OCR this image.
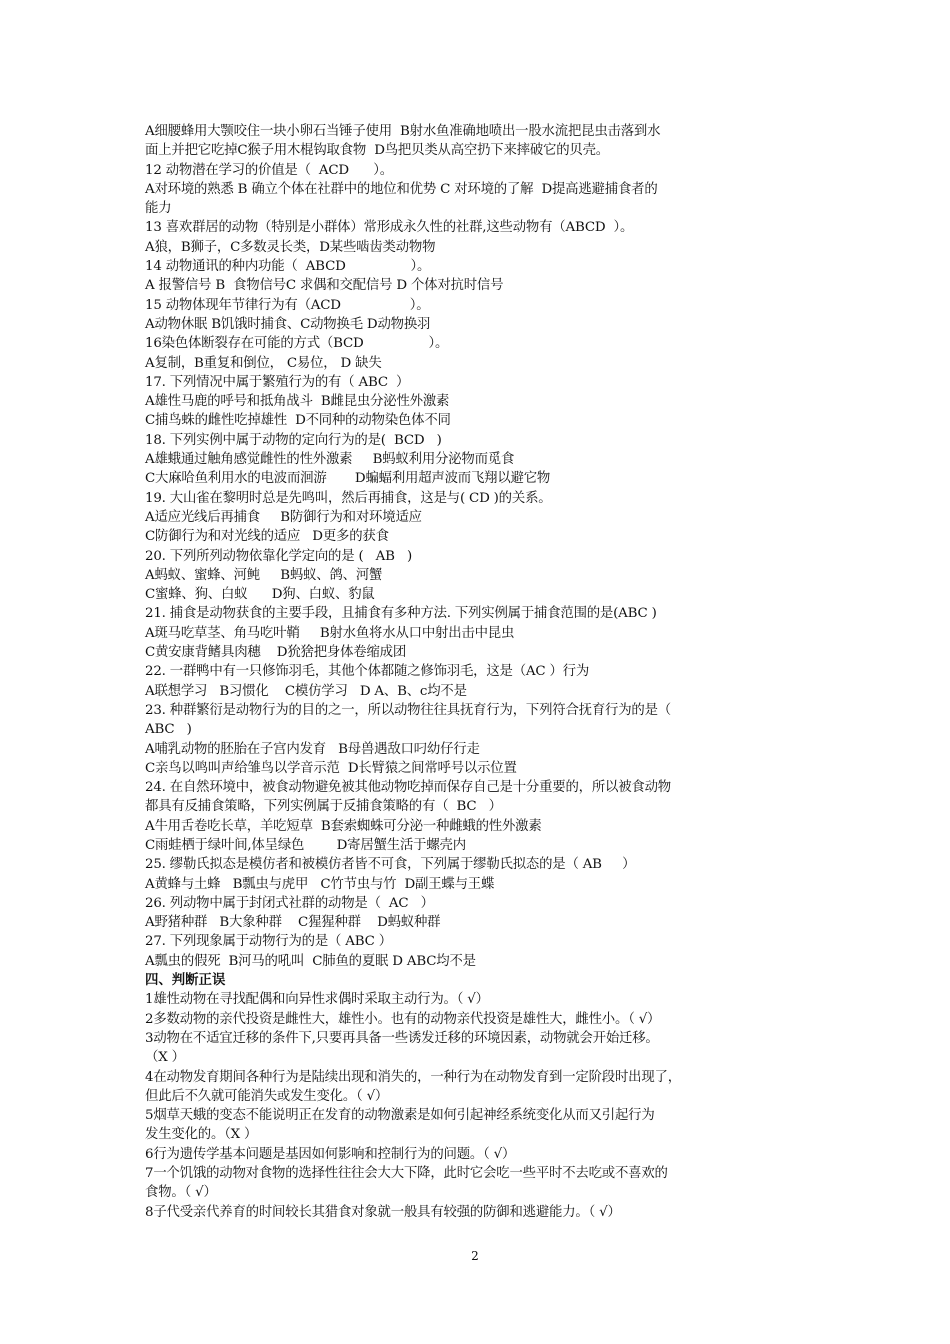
A细腰蜂用大颚咬住一块小卵石当锤子使用  B射水鱼准确地喷出一股水流把昆虫击落到水
面上并把它吃掉C猴子用木棍钩取食物  D鸟把贝类从高空扔下来摔破它的贝壳。
12 动物潜在学习的价值是（  ACD      ）。
A对环境的熟悉 B 确立个体在社群中的地位和优势 C 对环境的了解  D提高逃避捕食者的
能力
13 喜欢群居的动物（特别是小群体）常形成永久性的社群,这些动物有（ABCD  ）。
A狼，B狮子，C多数灵长类，D某些啮齿类动物物
14 动物通讯的种内功能（  ABCD                ）。
A 报警信号 B  食物信号C 求偶和交配信号 D 个体对抗时信号
15 动物体现年节律行为有（ACD                 ）。
A动物休眠 B饥饿时捕食、C动物换毛 D动物换羽
16染色体断裂存在可能的方式（BCD                ）。
A复制，B重复和倒位， C易位， D 缺失
17. 下列情况中属于繁殖行为的有（ ABC  ）
A雄性马鹿的呼号和抵角战斗  B雌昆虫分泌性外激素
C捕鸟蛛的雌性吃掉雄性  D不同种的动物染色体不同
18. 下列实例中属于动物的定向行为的是(  BCD   )
A雄蛾通过触角感觉雌性的性外激素     B蚂蚁利用分泌物而觅食
C大麻哈鱼利用水的电波而洄游       D蝙蝠利用超声波而飞翔以避它物
19. 大山雀在黎明时总是先鸣叫，然后再捕食，这是与( CD )的关系。
A适应光线后再捕食     B防御行为和对环境适应
C防御行为和对光线的适应   D更多的获食
20. 下列所列动物依靠化学定向的是 (   AB   )
A蚂蚁、蜜蜂、河鲀     B蚂蚁、鸽、河蟹
C蜜蜂、狗、白蚁      D狗、白蚁、豹鼠
21. 捕食是动物获食的主要手段，且捕食有多种方法. 下列实例属于捕食范围的是(ABC )
A斑马吃草茎、角马吃叶鞘     B射水鱼将水从口中射出击中昆虫
C黄安康背鳍具肉穗    D狁猞把身体卷缩成团
22. 一群鸭中有一只修饰羽毛，其他个体都随之修饰羽毛，这是（AC ）行为
A联想学习   B习惯化    C模仿学习   D A、B、c均不是
23. 种群繁衍是动物行为的目的之一，所以动物往往具抚育行为，下列符合抚育行为的是（
ABC   )
A哺乳动物的胚胎在子宫内发育   B母兽遇敌口叼幼仔行走
C亲鸟以鸣叫声给雏鸟以学音示范  D长臂猿之间常呼号以示位置
24. 在自然环境中，被食动物避免被其他动物吃掉而保存自己是十分重要的，所以被食动物
都具有反捕食策略，下列实例属于反捕食策略的有（  BC   ）
A牛用舌卷吃长草，羊吃短草  B套索蜘蛛可分泌一种雌蛾的性外激素
C雨蛙栖于绿叶间,体呈绿色        D寄居蟹生活于螺壳内
25. 缪勒氏拟态是模仿者和被模仿者皆不可食，下列属于缪勒氏拟态的是（ AB     ）
A黄蜂与土蜂   B瓢虫与虎甲   C竹节虫与竹  D副王蝶与王蝶
26. 列动物中属于封闭式社群的动物是（  AC   ）
A野猪种群   B大象种群    C猩猩种群    D蚂蚁种群
27. 下列现象属于动物行为的是（ ABC ）
A瓢虫的假死  B河马的吼叫  C肺鱼的夏眠 D ABC均不是
四、判断正误
1雄性动物在寻找配偶和向异性求偶时采取主动行为。（ √）
2多数动物的亲代投资是雌性大，雄性小。也有的动物亲代投资是雄性大，雌性小。（ √）
3动物在不适宜迁移的条件下,只要再具备一些诱发迁移的环境因素，动物就会开始迁移。
（X ）
4在动物发育期间各种行为是陆续出现和消失的，一种行为在动物发育到一定阶段时出现了，
但此后不久就可能消失或发生变化。（ √）
5烟草天蛾的变态不能说明正在发育的动物激素是如何引起神经系统变化从而又引起行为
发生变化的。（X ）
6行为遗传学基本问题是基因如何影响和控制行为的问题。（ √）
7一个饥饿的动物对食物的选择性往往会大大下降，此时它会吃一些平时不去吃或不喜欢的
食物。（ √）
8子代受亲代养育的时间较长其猎食对象就一般具有较强的防御和逃避能力。（ √）
2
